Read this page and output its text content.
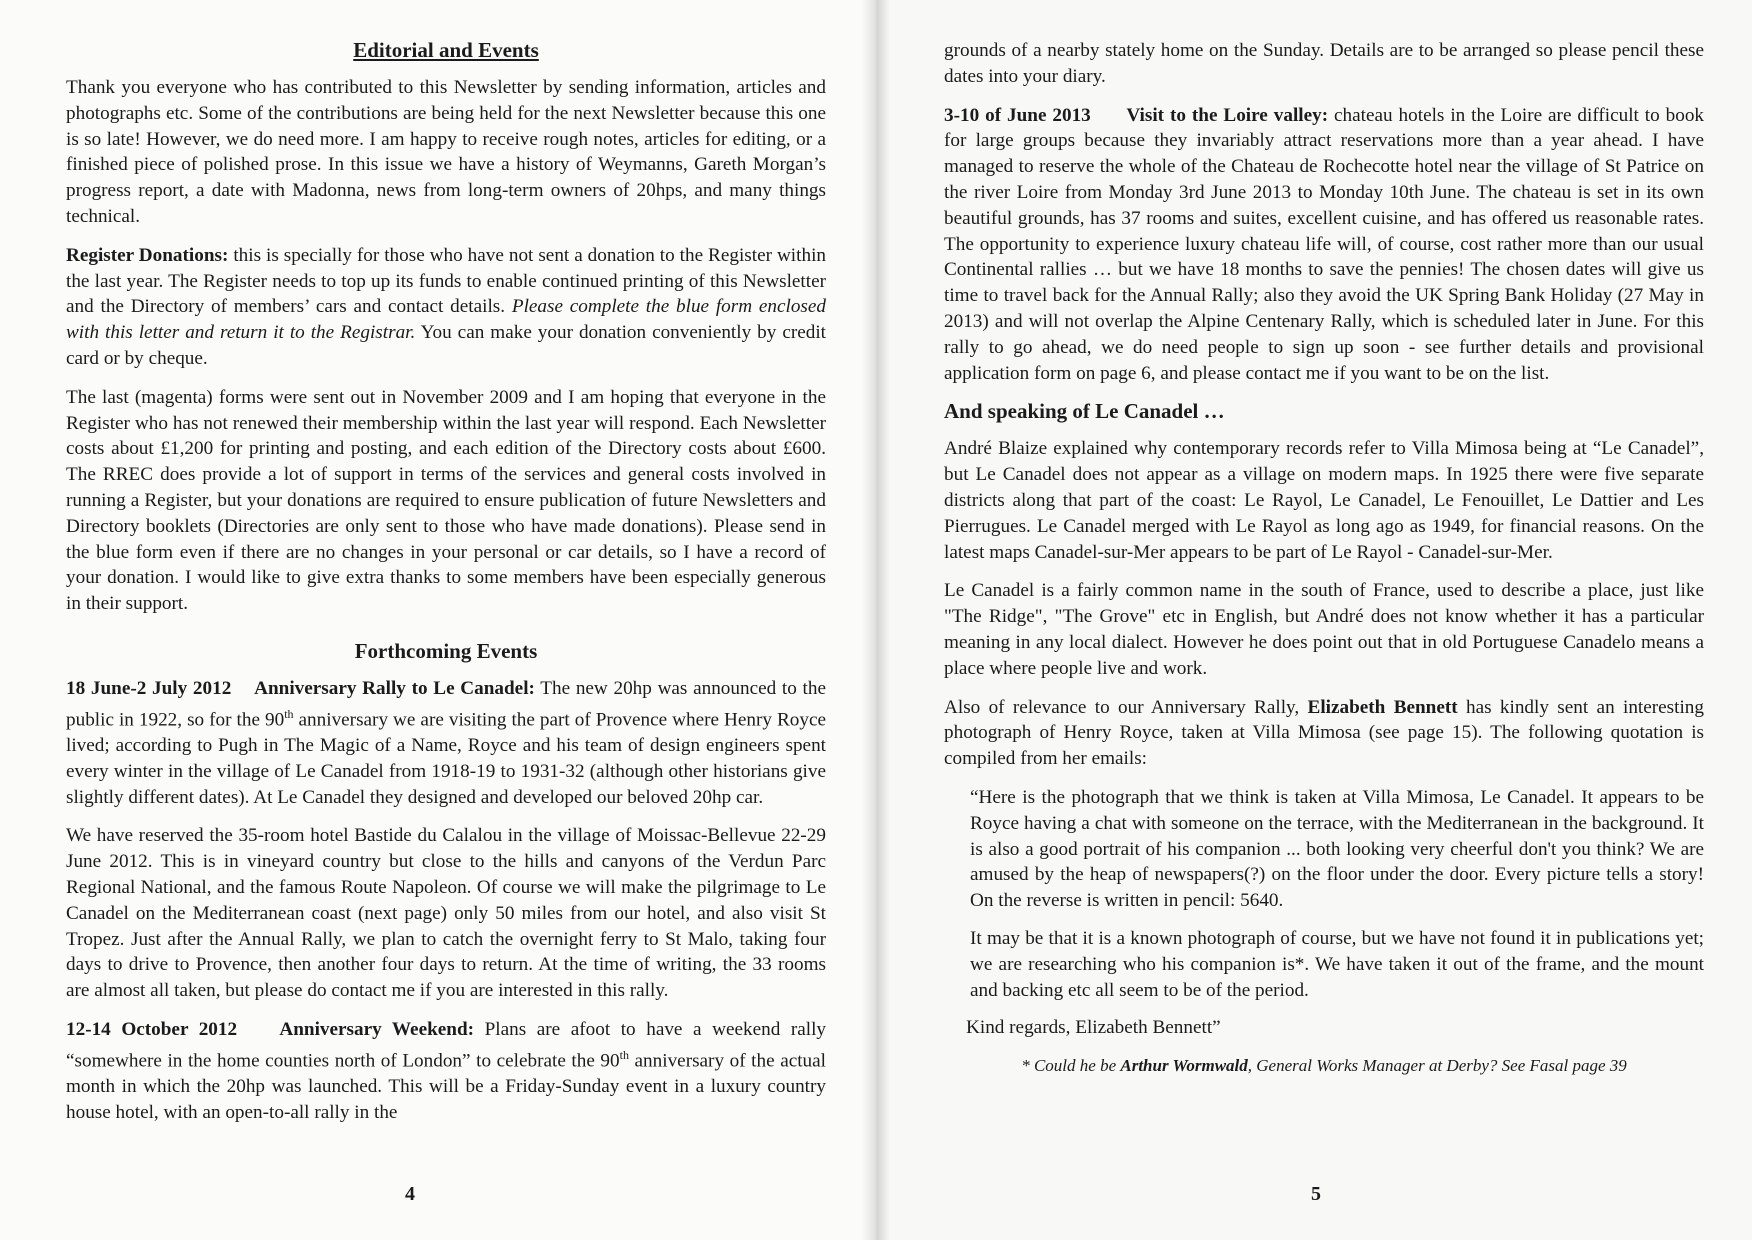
Editorial and Events

Thank you everyone who has contributed to this Newsletter by sending information, articles and photographs etc. Some of the contributions are being held for the next Newsletter because this one is so late! However, we do need more. I am happy to receive rough notes, articles for editing, or a finished piece of polished prose. In this issue we have a history of Weymanns, Gareth Morgan’s progress report, a date with Madonna, news from long-term owners of 20hps, and many things technical.

Register Donations: this is specially for those who have not sent a donation to the Register within the last year. The Register needs to top up its funds to enable continued printing of this Newsletter and the Directory of members’ cars and contact details. Please complete the blue form enclosed with this letter and return it to the Registrar. You can make your donation conveniently by credit card or by cheque.

The last (magenta) forms were sent out in November 2009 and I am hoping that everyone in the Register who has not renewed their membership within the last year will respond. Each Newsletter costs about £1,200 for printing and posting, and each edition of the Directory costs about £600. The RREC does provide a lot of support in terms of the services and general costs involved in running a Register, but your donations are required to ensure publication of future Newsletters and Directory booklets (Directories are only sent to those who have made donations). Please send in the blue form even if there are no changes in your personal or car details, so I have a record of your donation. I would like to give extra thanks to some members have been especially generous in their support.

Forthcoming Events

18 June-2 July 2012 Anniversary Rally to Le Canadel: The new 20hp was announced to the public in 1922, so for the 90th anniversary we are visiting the part of Provence where Henry Royce lived; according to Pugh in The Magic of a Name, Royce and his team of design engineers spent every winter in the village of Le Canadel from 1918-19 to 1931-32 (although other historians give slightly different dates). At Le Canadel they designed and developed our beloved 20hp car.

We have reserved the 35-room hotel Bastide du Calalou in the village of Moissac-Bellevue 22-29 June 2012. This is in vineyard country but close to the hills and canyons of the Verdun Parc Regional National, and the famous Route Napoleon. Of course we will make the pilgrimage to Le Canadel on the Mediterranean coast (next page) only 50 miles from our hotel, and also visit St Tropez. Just after the Annual Rally, we plan to catch the overnight ferry to St Malo, taking four days to drive to Provence, then another four days to return. At the time of writing, the 33 rooms are almost all taken, but please do contact me if you are interested in this rally.

12-14 October 2012 Anniversary Weekend: Plans are afoot to have a weekend rally “somewhere in the home counties north of London” to celebrate the 90th anniversary of the actual month in which the 20hp was launched. This will be a Friday-Sunday event in a luxury country house hotel, with an open-to-all rally in the

4

grounds of a nearby stately home on the Sunday. Details are to be arranged so please pencil these dates into your diary.

3-10 of June 2013 Visit to the Loire valley: chateau hotels in the Loire are difficult to book for large groups because they invariably attract reservations more than a year ahead. I have managed to reserve the whole of the Chateau de Rochecotte hotel near the village of St Patrice on the river Loire from Monday 3rd June 2013 to Monday 10th June. The chateau is set in its own beautiful grounds, has 37 rooms and suites, excellent cuisine, and has offered us reasonable rates. The opportunity to experience luxury chateau life will, of course, cost rather more than our usual Continental rallies … but we have 18 months to save the pennies! The chosen dates will give us time to travel back for the Annual Rally; also they avoid the UK Spring Bank Holiday (27 May in 2013) and will not overlap the Alpine Centenary Rally, which is scheduled later in June. For this rally to go ahead, we do need people to sign up soon - see further details and provisional application form on page 6, and please contact me if you want to be on the list.

And speaking of Le Canadel …

André Blaize explained why contemporary records refer to Villa Mimosa being at “Le Canadel”, but Le Canadel does not appear as a village on modern maps. In 1925 there were five separate districts along that part of the coast: Le Rayol, Le Canadel, Le Fenouillet, Le Dattier and Les Pierrugues. Le Canadel merged with Le Rayol as long ago as 1949, for financial reasons. On the latest maps Canadel-sur-Mer appears to be part of Le Rayol - Canadel-sur-Mer.

Le Canadel is a fairly common name in the south of France, used to describe a place, just like "The Ridge", "The Grove" etc in English, but André does not know whether it has a particular meaning in any local dialect. However he does point out that in old Portuguese Canadelo means a place where people live and work.

Also of relevance to our Anniversary Rally, Elizabeth Bennett has kindly sent an interesting photograph of Henry Royce, taken at Villa Mimosa (see page 15). The following quotation is compiled from her emails:

“Here is the photograph that we think is taken at Villa Mimosa, Le Canadel. It appears to be Royce having a chat with someone on the terrace, with the Mediterranean in the background. It is also a good portrait of his companion ... both looking very cheerful don't you think? We are amused by the heap of newspapers(?) on the floor under the door. Every picture tells a story! On the reverse is written in pencil: 5640.

It may be that it is a known photograph of course, but we have not found it in publications yet; we are researching who his companion is*. We have taken it out of the frame, and the mount and backing etc all seem to be of the period.

Kind regards, Elizabeth Bennett”

* Could he be Arthur Wormwald, General Works Manager at Derby? See Fasal page 39

5
